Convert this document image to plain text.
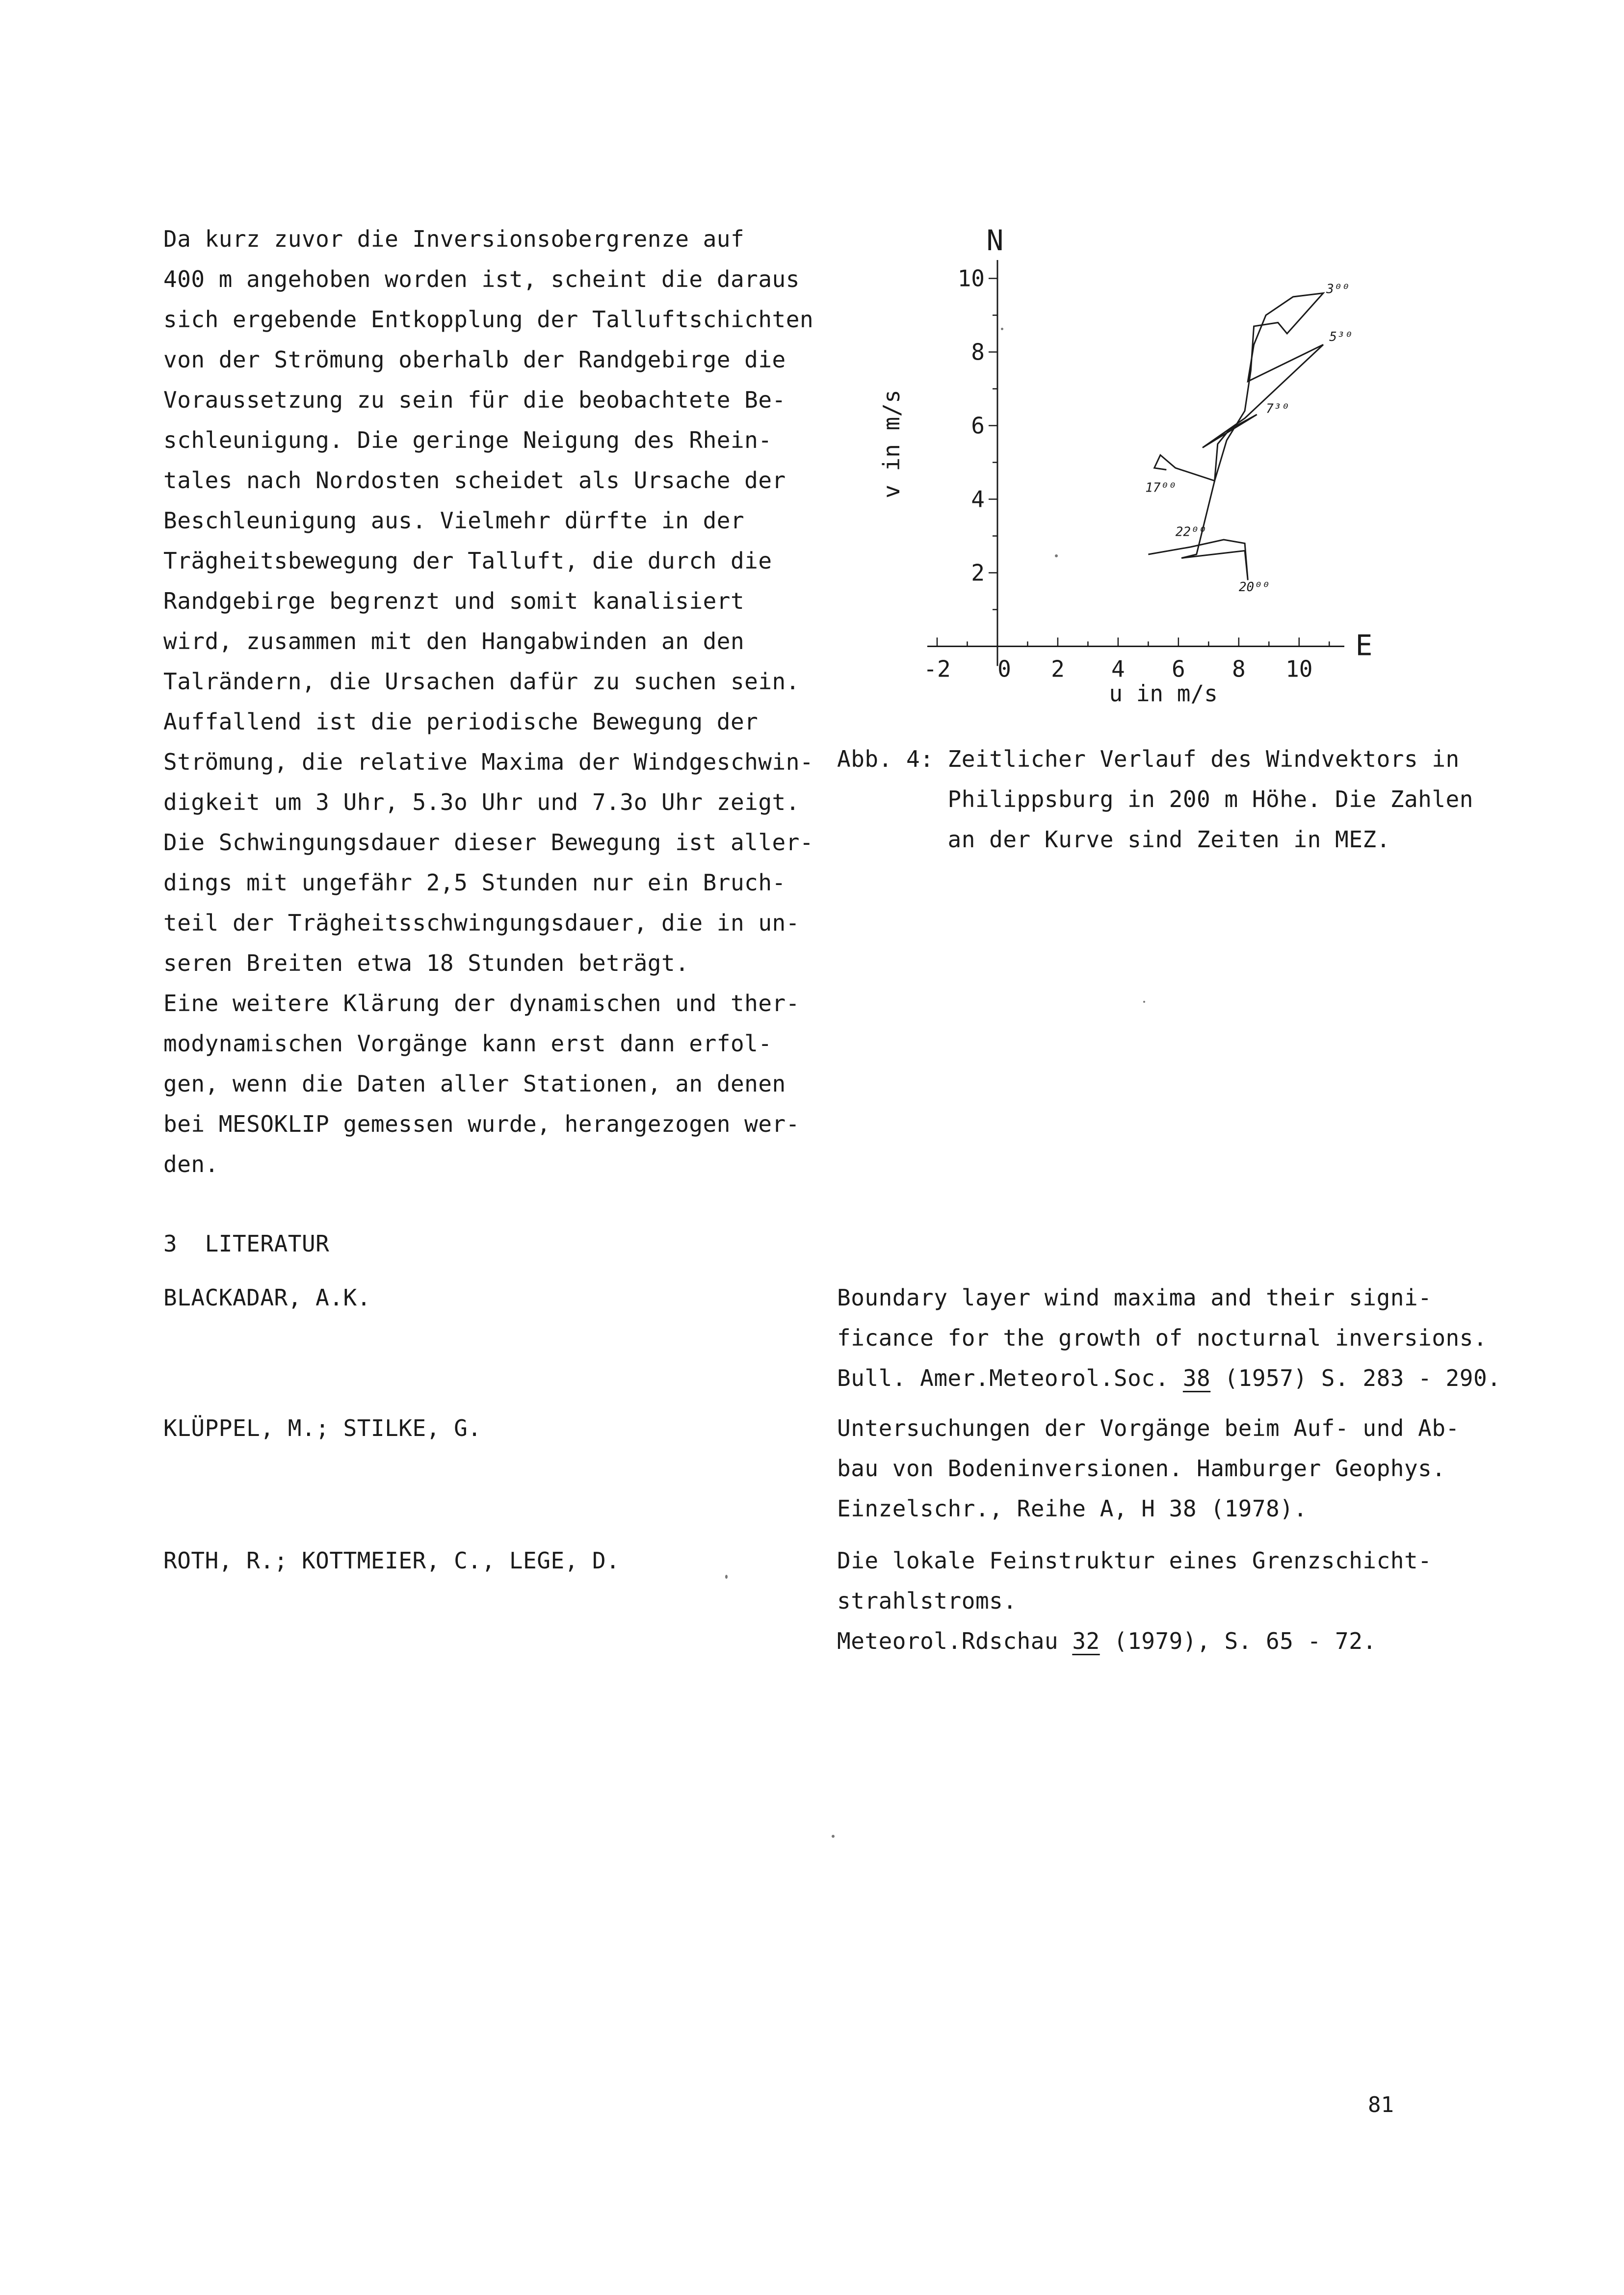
Da kurz zuvor die Inversionsobergrenze auf
400 m angehoben worden ist, scheint die daraus
sich ergebende Entkopplung der Talluftschichten
von der Strömung oberhalb der Randgebirge die
Voraussetzung zu sein für die beobachtete Be-
schleunigung. Die geringe Neigung des Rhein-
tales nach Nordosten scheidet als Ursache der
Beschleunigung aus. Vielmehr dürfte in der
Trägheitsbewegung der Talluft, die durch die
Randgebirge begrenzt und somit kanalisiert
wird, zusammen mit den Hangabwinden an den
Talrändern, die Ursachen dafür zu suchen sein.
Auffallend ist die periodische Bewegung der
Strömung, die relative Maxima der Windgeschwin-
digkeit um 3 Uhr, 5.3o Uhr und 7.3o Uhr zeigt.
Die Schwingungsdauer dieser Bewegung ist aller-
dings mit ungefähr 2,5 Stunden nur ein Bruch-
teil der Trägheitsschwingungsdauer, die in un-
seren Breiten etwa 18 Stunden beträgt.
Eine weitere Klärung der dynamischen und ther-
modynamischen Vorgänge kann erst dann erfol-
gen, wenn die Daten aller Stationen, an denen
bei MESOKLIP gemessen wurde, herangezogen wer-
den.
-2 0 2 4 6 8 10
2
4
6
8
10
u in m/s
v in m/s
N
E
3⁰⁰
5³⁰
7³⁰
17⁰⁰
22⁰⁰
20⁰⁰
Abb. 4: Zeitlicher Verlauf des Windvektors in
Philippsburg in 200 m Höhe. Die Zahlen
an der Kurve sind Zeiten in MEZ.
3  LITERATUR
BLACKADAR, A.K.	Boundary layer wind maxima and their signi-
ficance for the growth of nocturnal inversions.
Bull. Amer.Meteorol.Soc. 38 (1957) S. 283 - 290.
KLÜPPEL, M.; STILKE, G.	Untersuchungen der Vorgänge beim Auf- und Ab-
bau von Bodeninversionen. Hamburger Geophys.
Einzelschr., Reihe A, H 38 (1978).
ROTH, R.; KOTTMEIER, C., LEGE, D.	Die lokale Feinstruktur eines Grenzschicht-
strahlstroms.
Meteorol.Rdschau 32 (1979), S. 65 - 72.
81
